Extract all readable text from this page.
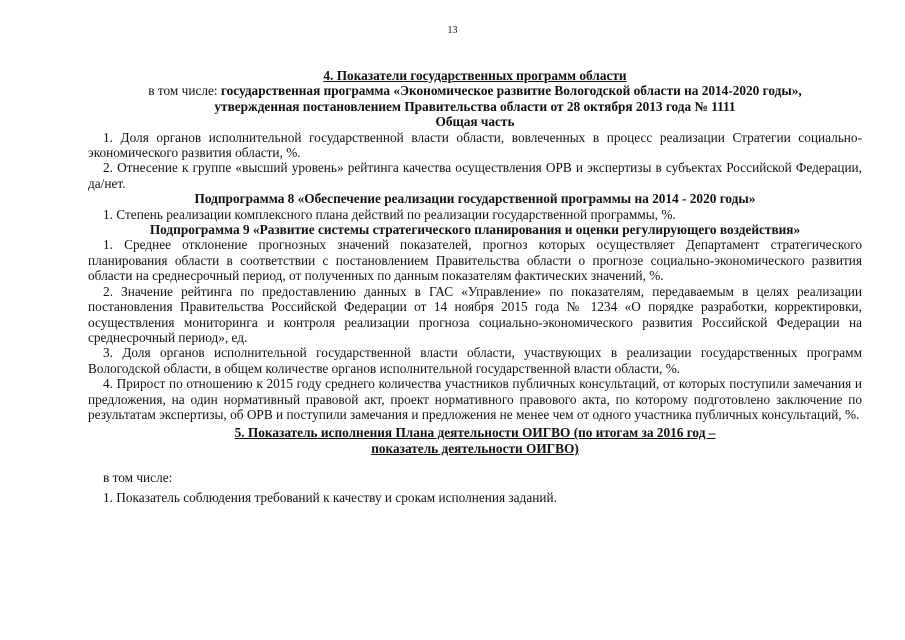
13

4. Показатели государственных программ области

в том числе: государственная программа «Экономическое развитие Вологодской области на 2014-2020 годы»,

утвержденная постановлением Правительства области от 28 октября 2013 года № 1111

Общая часть

1. Доля органов исполнительной государственной власти области, вовлеченных в процесс реализации Стратегии социально-экономического развития области, %.

2. Отнесение к группе «высший уровень» рейтинга качества осуществления ОРВ и экспертизы в субъектах Российской Федерации, да/нет.

Подпрограмма 8 «Обеспечение реализации государственной программы на 2014 - 2020 годы»

1. Степень реализации комплексного плана действий по реализации государственной программы, %.

Подпрограмма 9 «Развитие системы стратегического планирования и оценки регулирующего воздействия»

1. Среднее отклонение прогнозных значений показателей, прогноз которых осуществляет Департамент стратегического планирования области в соответствии с постановлением Правительства области о прогнозе социально-экономического развития области на среднесрочный период, от полученных по данным показателям фактических значений, %.

2. Значение рейтинга по предоставлению данных в ГАС «Управление» по показателям, передаваемым в целях реализации постановления Правительства Российской Федерации от 14 ноября 2015 года № 1234 «О порядке разработки, корректировки, осуществления мониторинга и контроля реализации прогноза социально-экономического развития Российской Федерации на среднесрочный период», ед.

3. Доля органов исполнительной государственной власти области, участвующих в реализации государственных программ Вологодской области, в общем количестве органов исполнительной государственной власти области, %.

4. Прирост по отношению к 2015 году среднего количества участников публичных консультаций, от которых поступили замечания и предложения, на один нормативный правовой акт, проект нормативного правового акта, по которому подготовлено заключение по результатам экспертизы, об ОРВ и поступили замечания и предложения не менее чем от одного участника публичных консультаций, %.

5. Показатель исполнения Плана деятельности ОИГВО (по итогам за 2016 год –

показатель деятельности ОИГВО)

в том числе:

1. Показатель соблюдения требований к качеству и срокам исполнения заданий.
